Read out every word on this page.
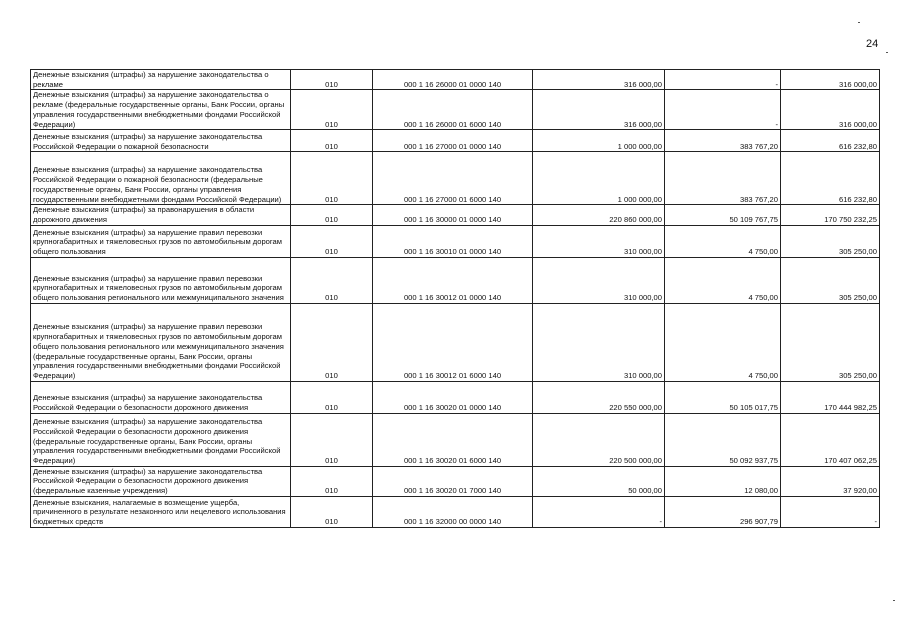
24
Денежные взыскания (штрафы) за нарушение законодательства о рекламе	010	000 1 16 26000 01 0000 140	316 000,00	-	316 000,00
Денежные взыскания (штрафы) за нарушение законодательства о рекламе (федеральные государственные органы, Банк России, органы управления государственными внебюджетными фондами Российской Федерации)	010	000 1 16 26000 01 6000 140	316 000,00	-	316 000,00
Денежные взыскания (штрафы) за нарушение законодательства Российской Федерации о пожарной безопасности	010	000 1 16 27000 01 0000 140	1 000 000,00	383 767,20	616 232,80
Денежные взыскания (штрафы) за нарушение законодательства Российской Федерации о пожарной безопасности (федеральные государственные органы, Банк России, органы управления государственными внебюджетными фондами Российской Федерации)	010	000 1 16 27000 01 6000 140	1 000 000,00	383 767,20	616 232,80
Денежные взыскания (штрафы) за правонарушения в области дорожного движения	010	000 1 16 30000 01 0000 140	220 860 000,00	50 109 767,75	170 750 232,25
Денежные взыскания (штрафы) за нарушение правил перевозки крупногабаритных и тяжеловесных грузов по автомобильным дорогам общего пользования	010	000 1 16 30010 01 0000 140	310 000,00	4 750,00	305 250,00
Денежные взыскания (штрафы) за нарушение правил перевозки крупногабаритных и тяжеловесных грузов по автомобильным дорогам общего пользования регионального или межмуниципального значения	010	000 1 16 30012 01 0000 140	310 000,00	4 750,00	305 250,00
Денежные взыскания (штрафы) за нарушение правил перевозки крупногабаритных и тяжеловесных грузов по автомобильным дорогам общего пользования регионального или межмуниципального значения (федеральные государственные органы, Банк России, органы управления государственными внебюджетными фондами Российской Федерации)	010	000 1 16 30012 01 6000 140	310 000,00	4 750,00	305 250,00
Денежные взыскания (штрафы) за нарушение законодательства Российской Федерации о безопасности дорожного движения	010	000 1 16 30020 01 0000 140	220 550 000,00	50 105 017,75	170 444 982,25
Денежные взыскания (штрафы) за нарушение законодательства Российской Федерации о безопасности дорожного движения (федеральные государственные органы, Банк России, органы управления государственными внебюджетными фондами Российской Федерации)	010	000 1 16 30020 01 6000 140	220 500 000,00	50 092 937,75	170 407 062,25
Денежные взыскания (штрафы) за нарушение законодательства Российской Федерации о безопасности дорожного движения (федеральные казенные учреждения)	010	000 1 16 30020 01 7000 140	50 000,00	12 080,00	37 920,00
Денежные взыскания, налагаемые в возмещение ущерба, причиненного в результате незаконного или нецелевого использования бюджетных средств	010	000 1 16 32000 00 0000 140	-	296 907,79	-
